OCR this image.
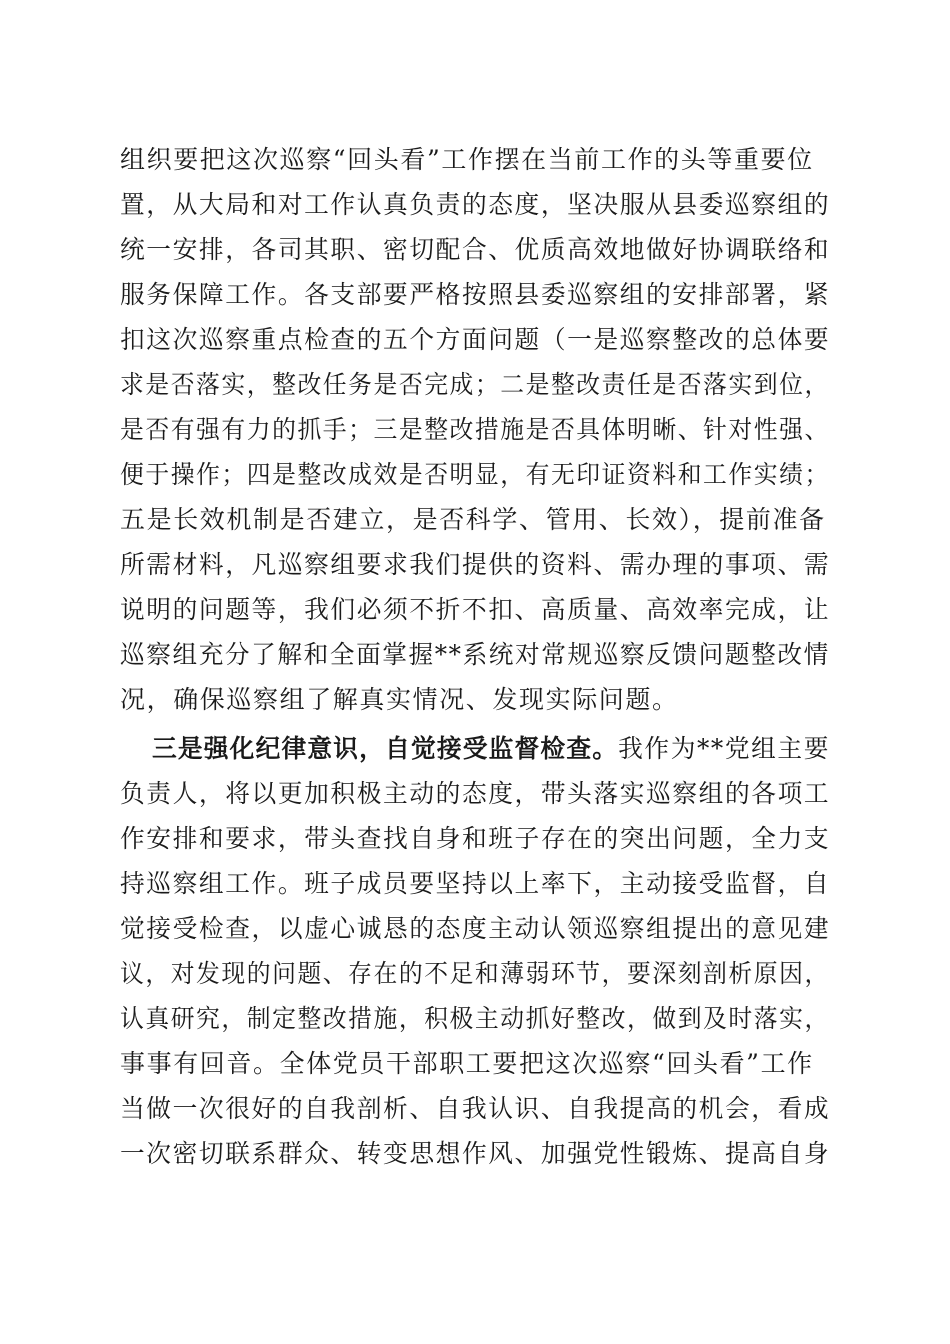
组织要把这次巡察“回头看”工作摆在当前工作的头等重要位
置，从大局和对工作认真负责的态度，坚决服从县委巡察组的
统一安排，各司其职、密切配合、优质高效地做好协调联络和
服务保障工作。各支部要严格按照县委巡察组的安排部署，紧
扣这次巡察重点检查的五个方面问题（一是巡察整改的总体要
求是否落实，整改任务是否完成；二是整改责任是否落实到位，
是否有强有力的抓手；三是整改措施是否具体明晰、针对性强、
便于操作；四是整改成效是否明显，有无印证资料和工作实绩；
五是长效机制是否建立，是否科学、管用、长效），提前准备
所需材料，凡巡察组要求我们提供的资料、需办理的事项、需
说明的问题等，我们必须不折不扣、高质量、高效率完成，让
巡察组充分了解和全面掌握**系统对常规巡察反馈问题整改情
况，确保巡察组了解真实情况、发现实际问题。
三是强化纪律意识，自觉接受监督检查。我作为**党组主要
负责人，将以更加积极主动的态度，带头落实巡察组的各项工
作安排和要求，带头查找自身和班子存在的突出问题，全力支
持巡察组工作。班子成员要坚持以上率下，主动接受监督，自
觉接受检查，以虚心诚恳的态度主动认领巡察组提出的意见建
议，对发现的问题、存在的不足和薄弱环节，要深刻剖析原因，
认真研究，制定整改措施，积极主动抓好整改，做到及时落实，
事事有回音。全体党员干部职工要把这次巡察“回头看”工作
当做一次很好的自我剖析、自我认识、自我提高的机会，看成
一次密切联系群众、转变思想作风、加强党性锻炼、提高自身
